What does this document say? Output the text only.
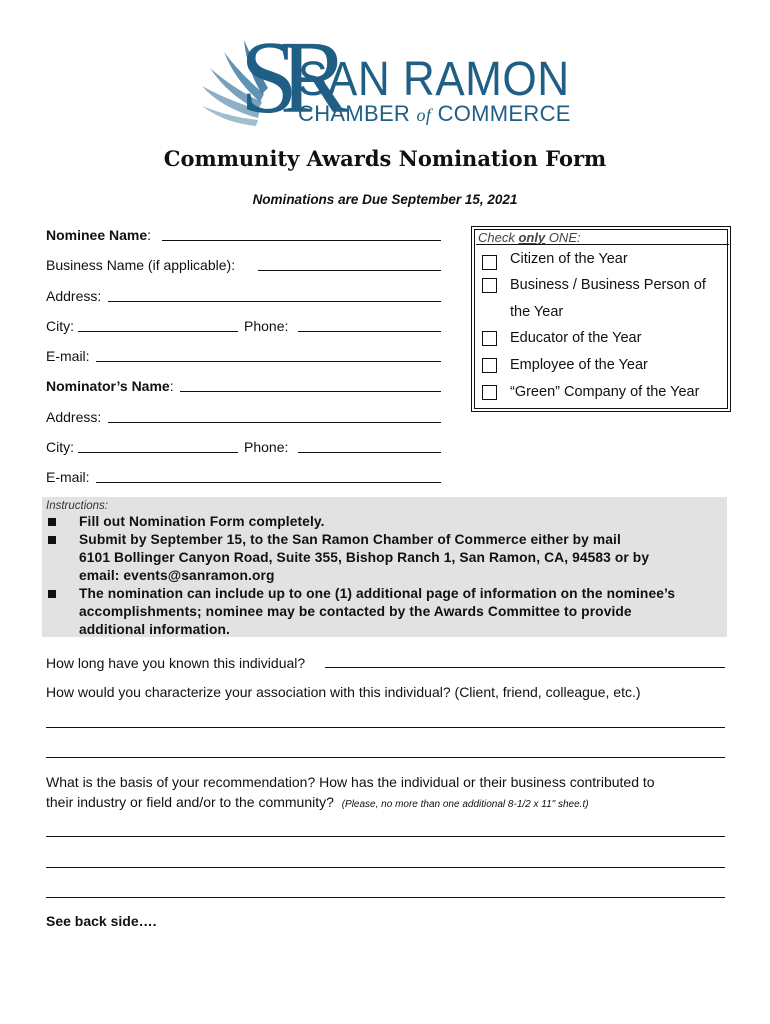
SR
SAN RAMON
CHAMBER of COMMERCE
Community Awards Nomination Form
Nominations are Due September 15, 2021
Nominee Name:
Business Name (if applicable):
Address:
City:	Phone:
E-mail:
Nominator’s Name:
Address:
City:	Phone:
E-mail:
Check only ONE:
Citizen of the Year
Business / Business Person of
the Year
Educator of the Year
Employee of the Year
“Green” Company of the Year
Instructions:
Fill out Nomination Form completely.
Submit by September 15, to the San Ramon Chamber of Commerce either by mail
6101 Bollinger Canyon Road, Suite 355, Bishop Ranch 1, San Ramon, CA, 94583 or by
email: events@sanramon.org
The nomination can include up to one (1) additional page of information on the nominee’s
accomplishments; nominee may be contacted by the Awards Committee to provide
additional information.
How long have you known this individual?
How would you characterize your association with this individual? (Client, friend, colleague, etc.)
What is the basis of your recommendation? How has the individual or their business contributed to
their industry or field and/or to the community? (Please, no more than one additional 8-1/2 x 11" shee.t)
See back side….
